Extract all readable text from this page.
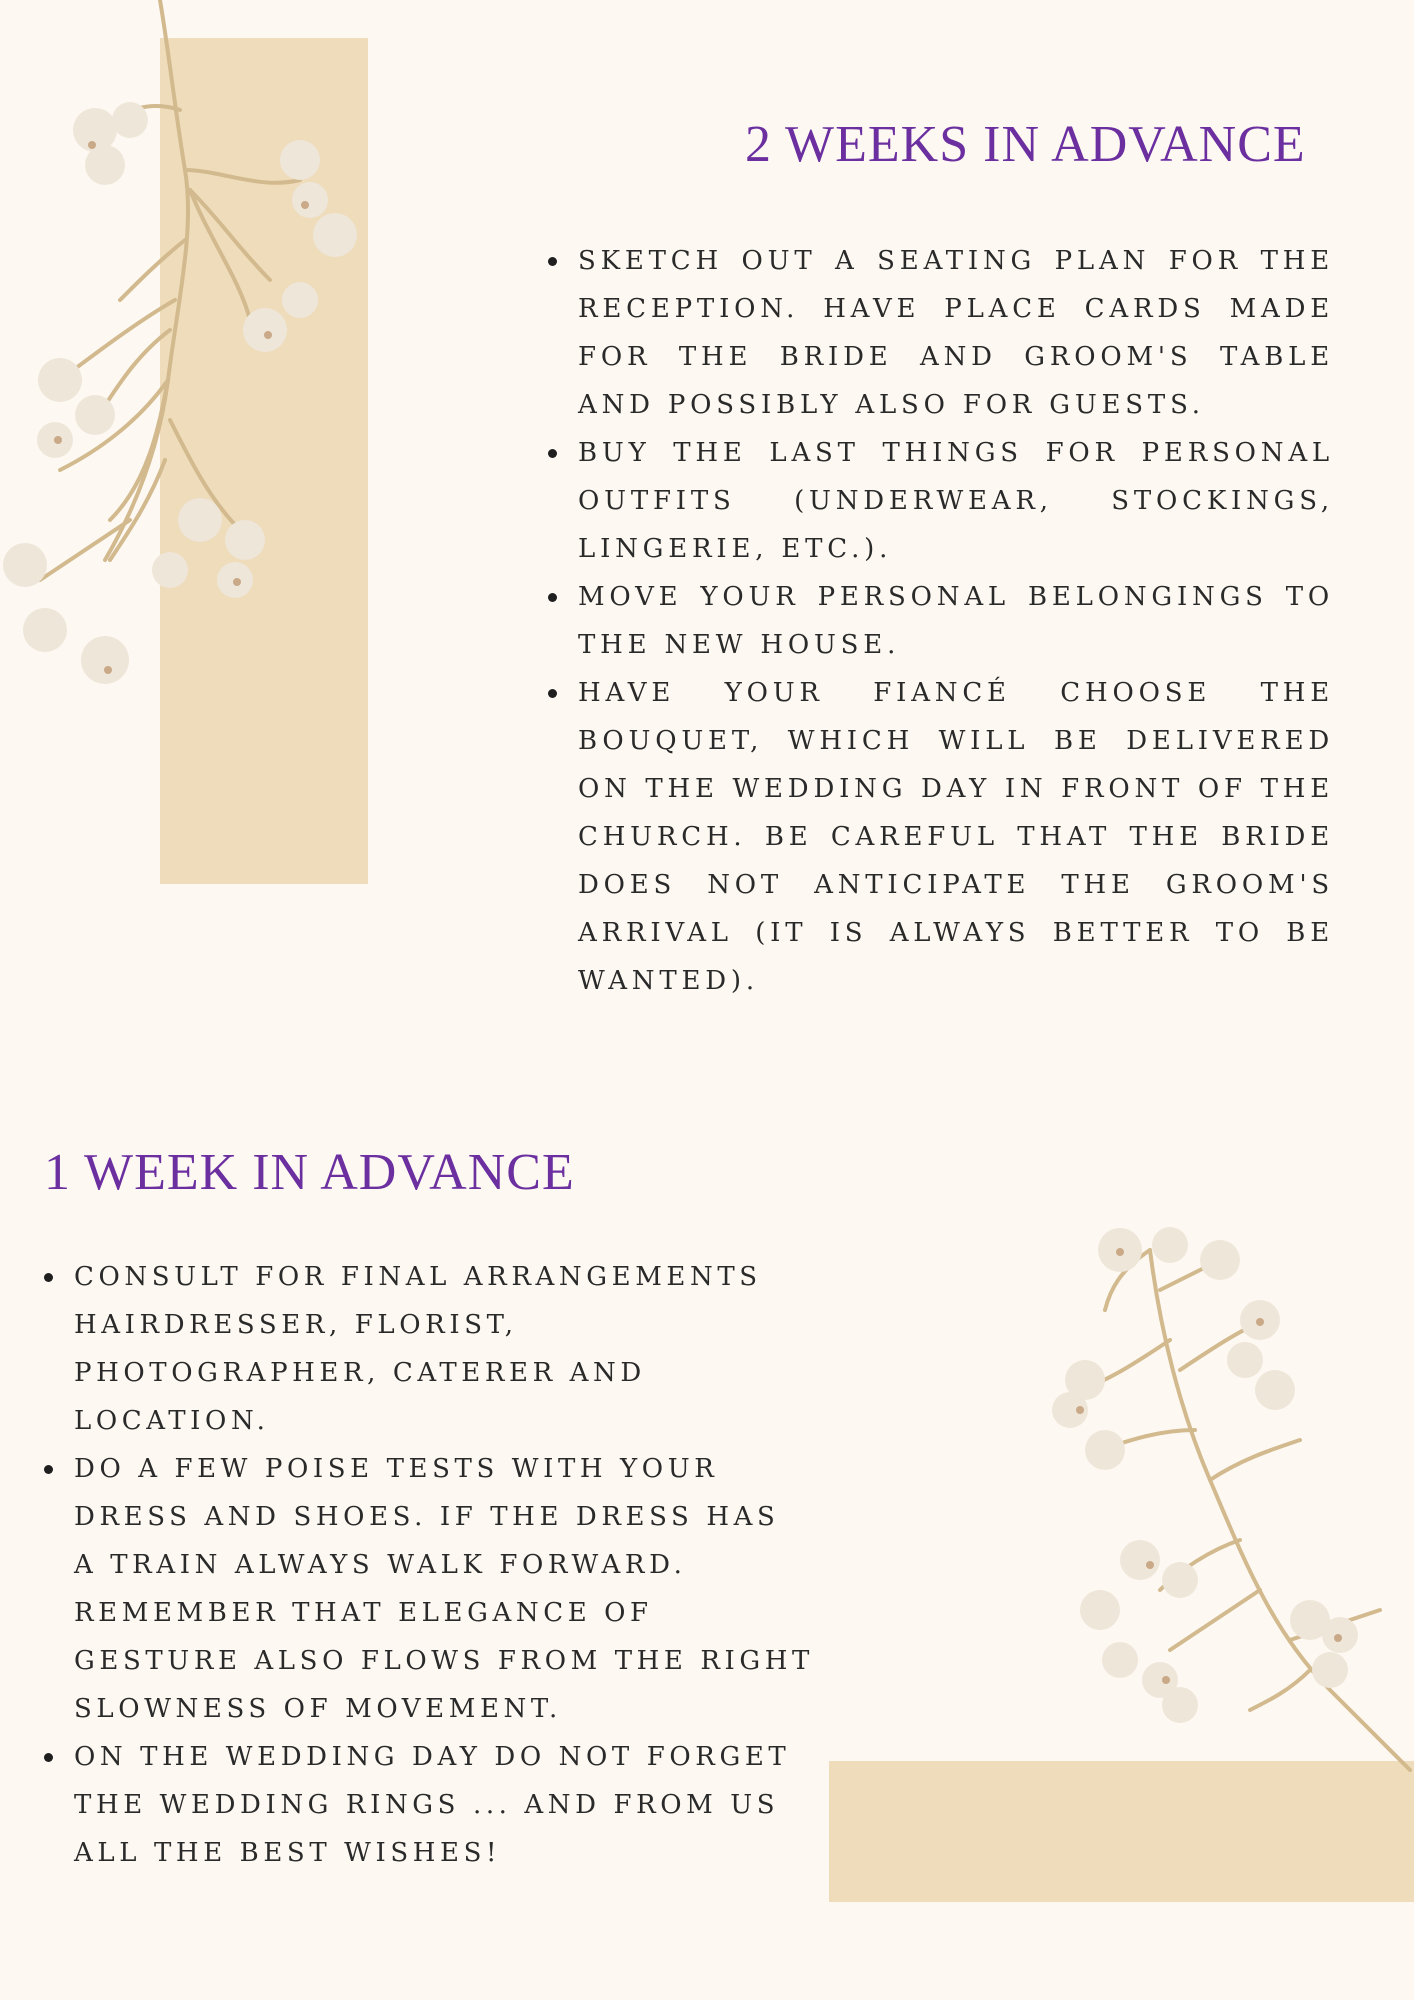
2 WEEKS IN ADVANCE
SKETCH OUT A SEATING PLAN FOR THE RECEPTION. HAVE PLACE CARDS MADE FOR THE BRIDE AND GROOM'S TABLE AND POSSIBLY ALSO FOR GUESTS.
BUY THE LAST THINGS FOR PERSONAL OUTFITS (UNDERWEAR, STOCKINGS, LINGERIE, ETC.).
MOVE YOUR PERSONAL BELONGINGS TO THE NEW HOUSE.
HAVE YOUR FIANCÉ CHOOSE THE BOUQUET, WHICH WILL BE DELIVERED ON THE WEDDING DAY IN FRONT OF THE CHURCH. BE CAREFUL THAT THE BRIDE DOES NOT ANTICIPATE THE GROOM'S ARRIVAL (IT IS ALWAYS BETTER TO BE WANTED).
1 WEEK IN ADVANCE
CONSULT FOR FINAL ARRANGEMENTS
HAIRDRESSER, FLORIST,
PHOTOGRAPHER, CATERER AND
LOCATION.
DO A FEW POISE TESTS WITH YOUR
DRESS AND SHOES. IF THE DRESS HAS
A TRAIN ALWAYS WALK FORWARD.
REMEMBER THAT ELEGANCE OF
GESTURE ALSO FLOWS FROM THE RIGHT
SLOWNESS OF MOVEMENT.
ON THE WEDDING DAY DO NOT FORGET
THE WEDDING RINGS ... AND FROM US
ALL THE BEST WISHES!
